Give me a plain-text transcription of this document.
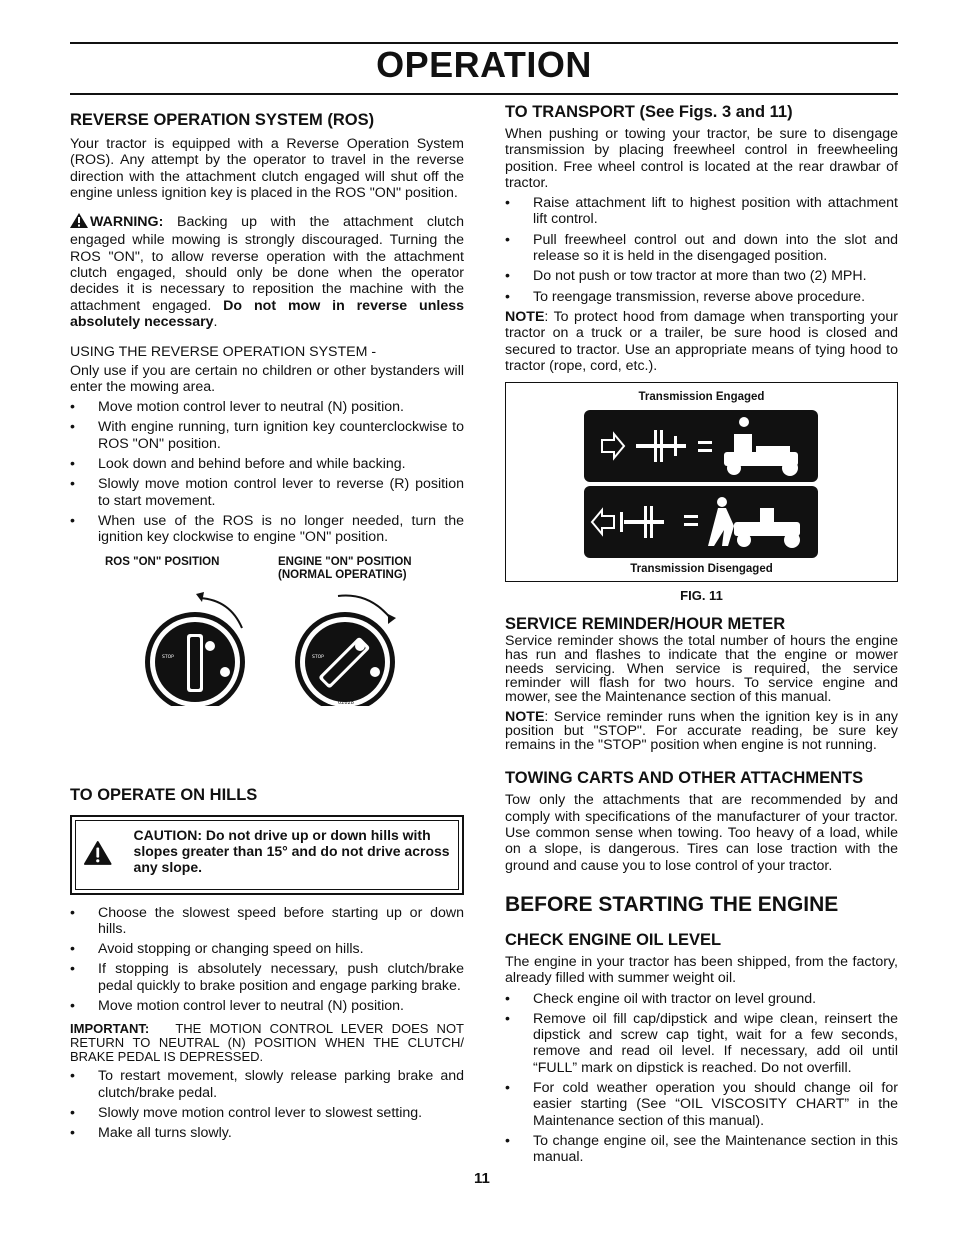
OPERATION
REVERSE OPERATION SYSTEM (ROS)

Your tractor is equipped with a Reverse Operation System (ROS). Any attempt by the operator to travel in the reverse direction with the attachment clutch engaged will shut off the engine unless ignition key is placed in the ROS "ON" position.

WARNING: Backing up with the attachment clutch engaged while mowing is strongly discouraged. Turning the ROS "ON", to allow reverse operation with the attachment clutch engaged, should only be done when the operator decides it is necessary to reposition the machine with the attachment engaged. Do not mow in reverse unless absolutely necessary.

USING THE REVERSE OPERATION SYSTEM -

Only use if you are certain no children or other bystanders will enter the mowing area.

• Move motion control lever to neutral (N) position.
• With engine running, turn ignition key counterclockwise to ROS "ON" position.
• Look down and behind before and while backing.
• Slowly move motion control lever to reverse (R) position to start movement.
• When use of the ROS is no longer needed, turn the ignition key clockwise to engine "ON" position.
ROS "ON" POSITION	ENGINE "ON" POSITION
(NORMAL OPERATING)
STOP	STOP
02828
TO OPERATE ON HILLS
CAUTION: Do not drive up or down hills with slopes greater than 15° and do not drive across any slope.
• Choose the slowest speed before starting up or down hills.
• Avoid stopping or changing speed on hills.
• If stopping is absolutely necessary, push clutch/brake pedal quickly to brake position and engage parking brake.
• Move motion control lever to neutral (N) position.

IMPORTANT: THE MOTION CONTROL LEVER DOES NOT RETURN TO NEUTRAL (N) POSITION WHEN THE CLUTCH/ BRAKE PEDAL IS DEPRESSED.

• To restart movement, slowly release parking brake and clutch/brake pedal.
• Slowly move motion control lever to slowest setting.
• Make all turns slowly.
TO TRANSPORT (See Figs. 3 and 11)

When pushing or towing your tractor, be sure to disengage transmission by placing freewheel control in freewheeling position. Free wheel control is located at the rear drawbar of tractor.

• Raise attachment lift to highest position with attachment lift control.
• Pull freewheel control out and down into the slot and release so it is held in the disengaged position.
• Do not push or tow tractor at more than two (2) MPH.
• To reengage transmission, reverse above procedure.

NOTE: To protect hood from damage when transporting your tractor on a truck or a trailer, be sure hood is closed and secured to tractor. Use an appropriate means of tying hood to tractor (rope, cord, etc.).

Transmission Engaged
Transmission Disengaged
FIG. 11
SERVICE REMINDER/HOUR METER

Service reminder shows the total number of hours the engine has run and flashes to indicate that the engine or mower needs servicing. When service is required, the service reminder will flash for two hours. To service engine and mower, see the Maintenance section of this manual.

NOTE: Service reminder runs when the ignition key is in any position but "STOP". For accurate reading, be sure key remains in the "STOP" position when engine is not running.

TOWING CARTS AND OTHER ATTACHMENTS

Tow only the attachments that are recommended by and comply with specifications of the manufacturer of your tractor. Use common sense when towing. Too heavy of a load, while on a slope, is dangerous. Tires can lose traction with the ground and cause you to lose control of your tractor.

BEFORE STARTING THE ENGINE
CHECK ENGINE OIL LEVEL

The engine in your tractor has been shipped, from the factory, already filled with summer weight oil.

• Check engine oil with tractor on level ground.
• Remove oil fill cap/dipstick and wipe clean, reinsert the dipstick and screw cap tight, wait for a few seconds, remove and read oil level. If necessary, add oil until “FULL” mark on dipstick is reached. Do not overfill.
• For cold weather operation you should change oil for easier starting (See “OIL VISCOSITY CHART” in the Maintenance section of this manual).
• To change engine oil, see the Maintenance section in this manual.
11
